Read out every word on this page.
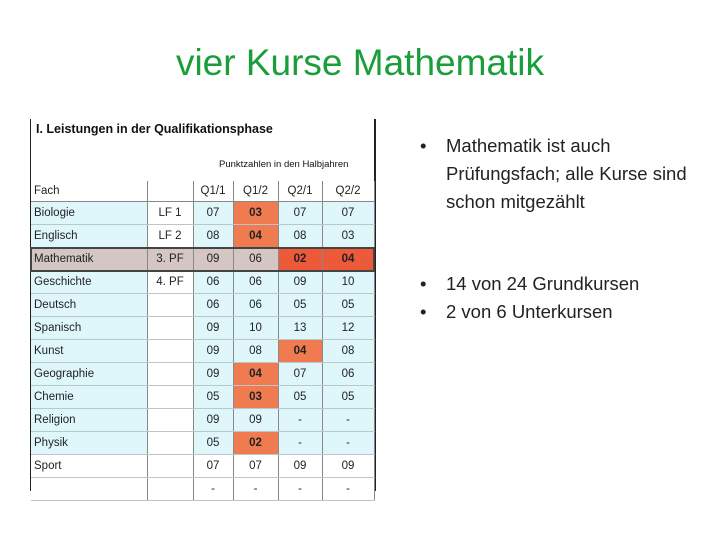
vier Kurse Mathematik
I. Leistungen in der Qualifikationsphase
Punktzahlen in den Halbjahren
Fach		Q1/1	Q1/2	Q2/1	Q2/2
Biologie	LF 1	07	03	07	07
Englisch	LF 2	08	04	08	03
Mathematik	3. PF	09	06	02	04
Geschichte	4. PF	06	06	09	10
Deutsch		06	06	05	05
Spanisch		09	10	13	12
Kunst		09	08	04	08
Geographie		09	04	07	06
Chemie		05	03	05	05
Religion		09	09	-	-
Physik		05	02	-	-
Sport		07	07	09	09
		-	-	-	-
• Mathematik ist auch Prüfungsfach; alle Kurse sind schon mitgezählt
• 14 von 24 Grundkursen
• 2 von 6 Unterkursen
